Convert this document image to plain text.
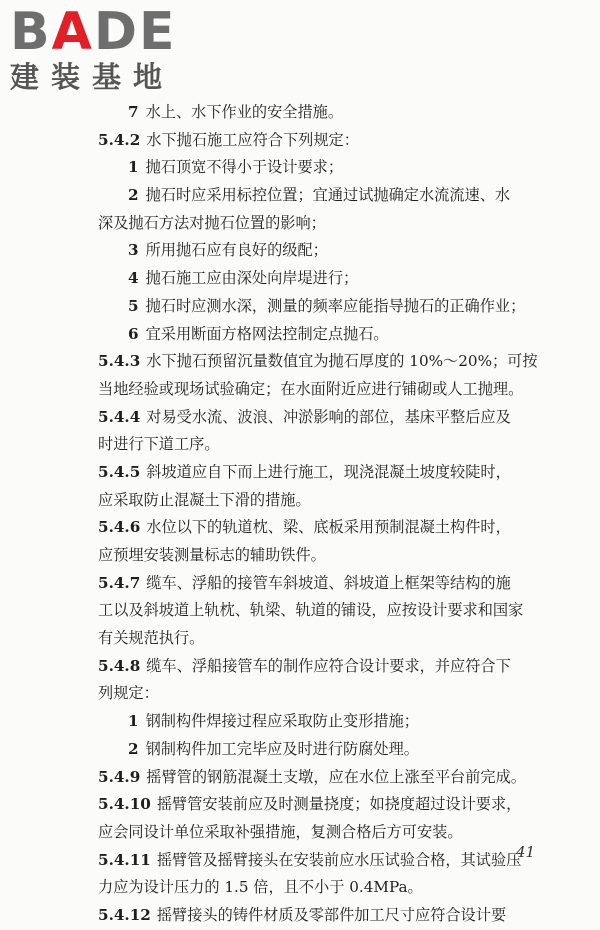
BADE
建装基地
7 水上、水下作业的安全措施。
5.4.2 水下抛石施工应符合下列规定：
1 抛石顶宽不得小于设计要求；
2 抛石时应采用标控位置；宜通过试抛确定水流流速、水
深及抛石方法对抛石位置的影响；
3 所用抛石应有良好的级配；
4 抛石施工应由深处向岸堤进行；
5 抛石时应测水深，测量的频率应能指导抛石的正确作业；
6 宜采用断面方格网法控制定点抛石。
5.4.3 水下抛石预留沉量数值宜为抛石厚度的 10%～20%；可按
当地经验或现场试验确定；在水面附近应进行铺砌或人工抛理。
5.4.4 对易受水流、波浪、冲淤影响的部位，基床平整后应及
时进行下道工序。
5.4.5 斜坡道应自下而上进行施工，现浇混凝土坡度较陡时，
应采取防止混凝土下滑的措施。
5.4.6 水位以下的轨道枕、梁、底板采用预制混凝土构件时，
应预埋安装测量标志的辅助铁件。
5.4.7 缆车、浮船的接管车斜坡道、斜坡道上框架等结构的施
工以及斜坡道上轨枕、轨梁、轨道的铺设，应按设计要求和国家
有关规范执行。
5.4.8 缆车、浮船接管车的制作应符合设计要求，并应符合下
列规定：
1 钢制构件焊接过程应采取防止变形措施；
2 钢制构件加工完毕应及时进行防腐处理。
5.4.9 摇臂管的钢筋混凝土支墩，应在水位上涨至平台前完成。
5.4.10 摇臂管安装前应及时测量挠度；如挠度超过设计要求，
应会同设计单位采取补强措施，复测合格后方可安装。
5.4.11 摇臂管及摇臂接头在安装前应水压试验合格，其试验压
力应为设计压力的 1.5 倍，且不小于 0.4MPa。
5.4.12 摇臂接头的铸件材质及零部件加工尺寸应符合设计要
41
